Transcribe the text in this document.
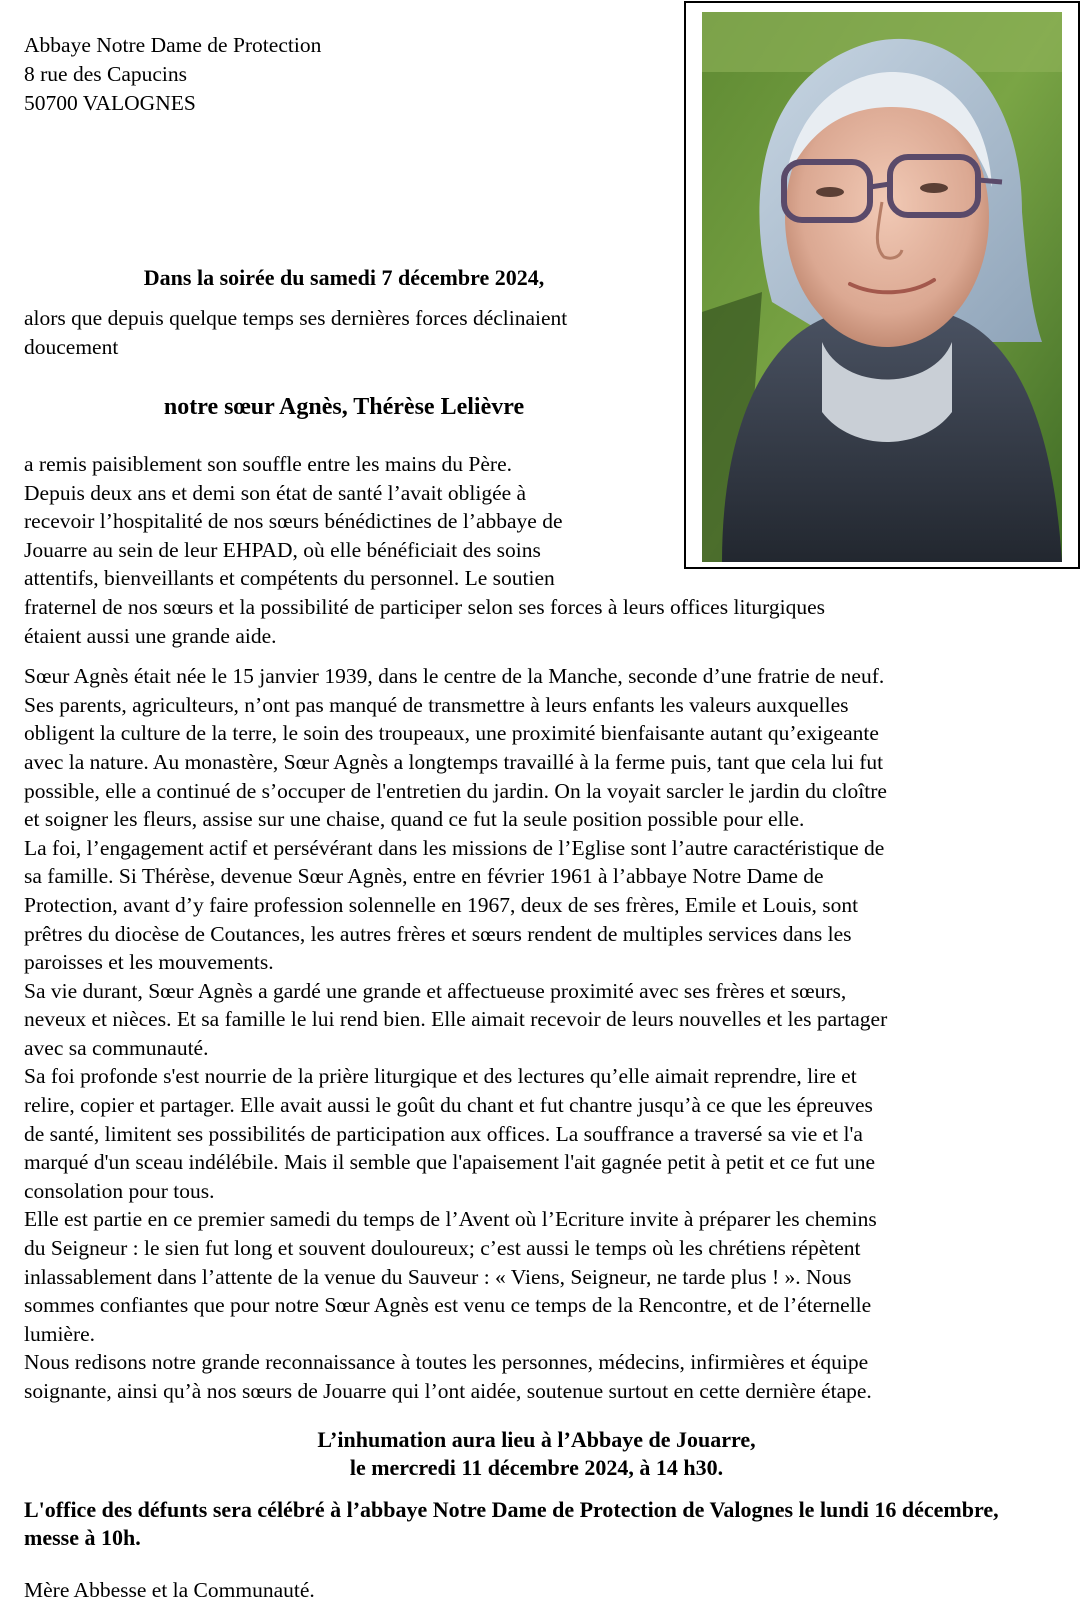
Abbaye Notre Dame de Protection
8 rue des Capucins
50700 VALOGNES
Dans la soirée du samedi 7 décembre 2024,
alors que depuis quelque temps ses dernières forces déclinaient doucement
notre sœur Agnès, Thérèse Lelièvre
a remis paisiblement son souffle entre les mains du Père.
Depuis deux ans et demi son état de santé l’avait obligée à
recevoir l’hospitalité de nos sœurs bénédictines de l’abbaye de
Jouarre au sein de leur EHPAD, où elle bénéficiait des soins
attentifs, bienveillants et compétents du personnel. Le soutien
fraternel de nos sœurs et la possibilité de participer selon ses forces à leurs offices liturgiques
étaient aussi une grande aide.
Sœur Agnès était née le 15 janvier 1939, dans le centre de la Manche, seconde d’une fratrie de neuf.
Ses parents, agriculteurs, n’ont pas manqué de transmettre à leurs enfants les valeurs auxquelles
obligent la culture de la terre, le soin des troupeaux, une proximité bienfaisante autant qu’exigeante
avec la nature. Au monastère, Sœur Agnès a longtemps travaillé à la ferme puis, tant que cela lui fut
possible, elle a continué de s’occuper de l'entretien du jardin. On la voyait sarcler le jardin du cloître
et soigner les fleurs, assise sur une chaise, quand ce fut la seule position possible pour elle.
La foi, l’engagement actif et persévérant dans les missions de l’Eglise sont l’autre caractéristique de
sa famille. Si Thérèse, devenue Sœur Agnès, entre en février 1961 à l’abbaye Notre Dame de
Protection, avant d’y faire profession solennelle en 1967, deux de ses frères, Emile et Louis, sont
prêtres du diocèse de Coutances, les autres frères et sœurs rendent de multiples services dans les
paroisses et les mouvements.
Sa vie durant, Sœur Agnès a gardé une grande et affectueuse proximité avec ses frères et sœurs,
neveux et nièces. Et sa famille le lui rend bien. Elle aimait recevoir de leurs nouvelles et les partager
avec sa communauté.
Sa foi profonde s'est nourrie de la prière liturgique et des lectures qu’elle aimait reprendre, lire et
relire, copier et partager. Elle avait aussi le goût du chant et fut chantre jusqu’à ce que les épreuves
de santé, limitent ses possibilités de participation aux offices. La souffrance a traversé sa vie et l'a
marqué d'un sceau indélébile. Mais il semble que l'apaisement l'ait gagnée petit à petit et ce fut une
consolation pour tous.
Elle est partie en ce premier samedi du temps de l’Avent où l’Ecriture invite à préparer les chemins
du Seigneur : le sien fut long et souvent douloureux; c’est aussi le temps où les chrétiens répètent
inlassablement dans l’attente de la venue du Sauveur : « Viens, Seigneur, ne tarde plus ! ». Nous
sommes confiantes que pour notre Sœur Agnès est venu ce temps de la Rencontre, et de l’éternelle
lumière.
Nous redisons notre grande reconnaissance à toutes les personnes, médecins, infirmières et équipe
soignante, ainsi qu’à nos sœurs de Jouarre qui l’ont aidée, soutenue surtout en cette dernière étape.
L’inhumation aura lieu à l’Abbaye de Jouarre,
le mercredi 11 décembre 2024, à 14 h30.
L'office des défunts sera célébré à l’abbaye Notre Dame de Protection de Valognes le lundi 16 décembre, messe à 10h.
Mère Abbesse et la Communauté.
